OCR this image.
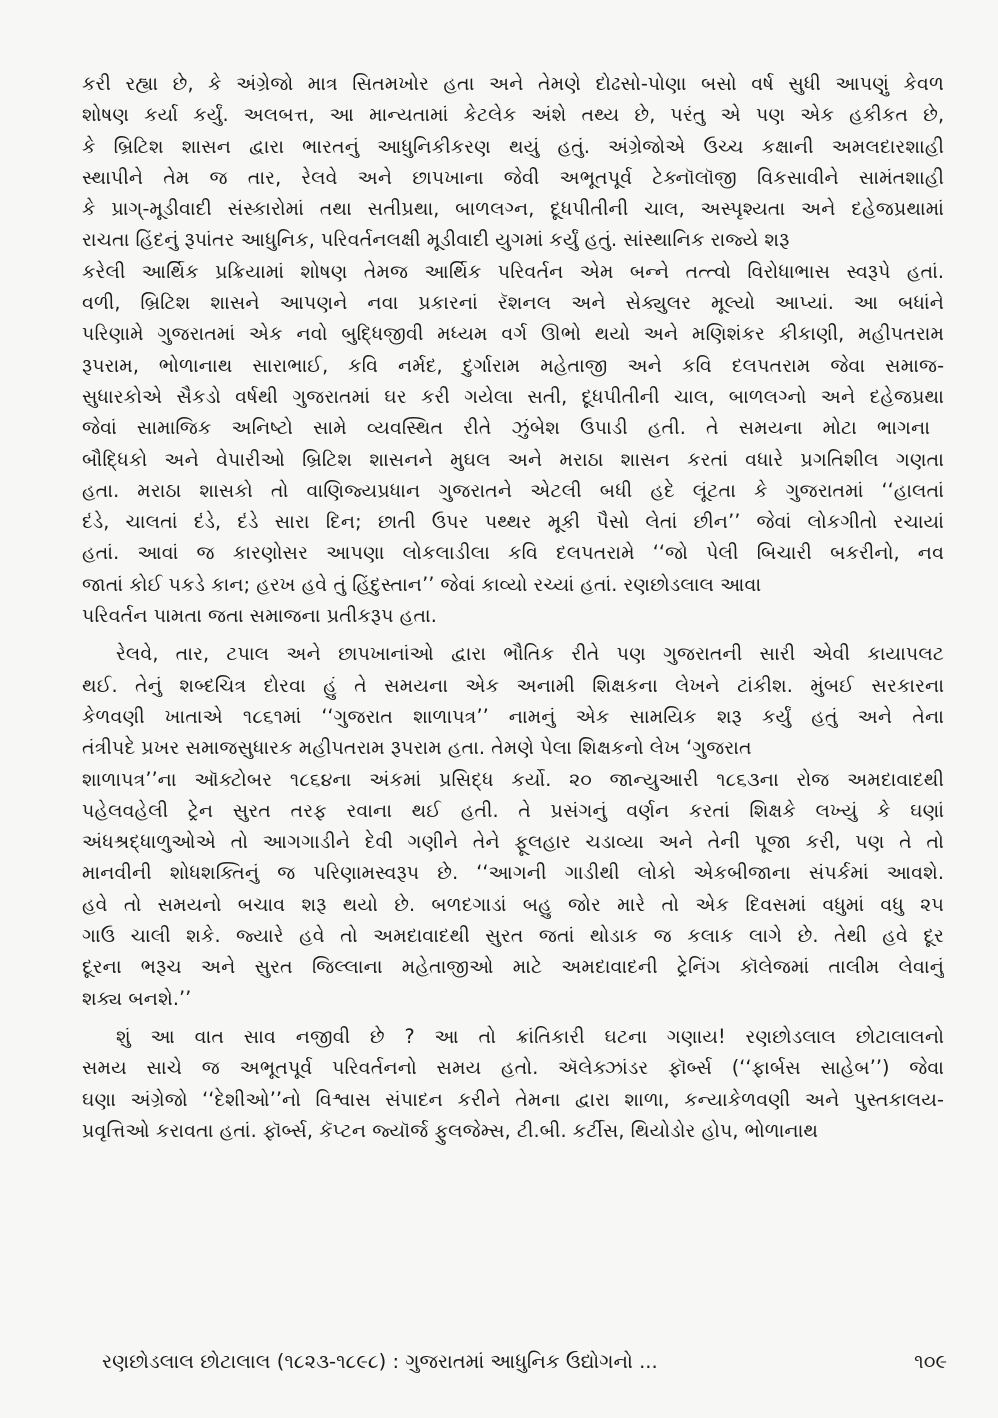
કરી રહ્યા છે, કે અંગ્રેજો માત્ર સિતમખોર હતા અને તેમણે દોઢસો-પોણા બસો વર્ષ સુધી આપણું કેવળ
શોષણ કર્યા કર્યું. અલબત્ત, આ માન્યતામાં કેટલેક અંશે તથ્ય છે, પરંતુ એ પણ એક હકીકત છે,
કે બ્રિટિશ શાસન દ્વારા ભારતનું આધુનિકીકરણ થયું હતું. અંગ્રેજોએ ઉચ્ચ કક્ષાની અમલદારશાહી
સ્થાપીને તેમ જ તાર, રેલવે અને છાપખાના જેવી અભૂતપૂર્વ ટેક્નૉલૉજી વિકસાવીને સામંતશાહી
કે પ્રાગ્-મૂડીવાદી સંસ્કારોમાં તથા સતીપ્રથા, બાળલગ્ન, દૂધપીતીની ચાલ, અસ્પૃશ્યતા અને દહેજપ્રથામાં
રાચતા હિંદનું રૂપાંતર આધુનિક, પરિવર્તનલક્ષી મૂડીવાદી યુગમાં કર્યું હતું. સાંસ્થાનિક રાજ્યે શરૂ
કરેલી આર્થિક પ્રક્રિયામાં શોષણ તેમજ આર્થિક પરિવર્તન એમ બન્ને તત્ત્વો વિરોધાભાસ સ્વરૂપે હતાં.
વળી, બ્રિટિશ શાસને આપણને નવા પ્રકારનાં રૅશનલ અને સેક્યુલર મૂલ્યો આપ્યાં. આ બધાંને
પરિણામે ગુજરાતમાં એક નવો બુદ્ધિજીવી મધ્યમ વર્ગ ઊભો થયો અને મણિશંકર કીકાણી, મહીપતરામ
રૂપરામ, ભોળાનાથ સારાભાઈ, કવિ નર્મદ, દુર્ગારામ મહેતાજી અને કવિ દલપતરામ જેવા સમાજ-
સુધારકોએ સૈકડો વર્ષથી ગુજરાતમાં ઘર કરી ગયેલા સતી, દૂધપીતીની ચાલ, બાળલગ્નો અને દહેજપ્રથા
જેવાં સામાજિક અનિષ્ટો સામે વ્યવસ્થિત રીતે ઝુંબેશ ઉપાડી હતી. તે સમયના મોટા ભાગના
બૌદ્ધિકો અને વેપારીઓ બ્રિટિશ શાસનને મુઘલ અને મરાઠા શાસન કરતાં વધારે પ્રગતિશીલ ગણતા
હતા. મરાઠા શાસકો તો વાણિજ્યપ્રધાન ગુજરાતને એટલી બધી હદે લૂંટતા કે ગુજરાતમાં ‘‘હાલતાં
દંડે, ચાલતાં દંડે, દંડે સારા દિન; છાતી ઉપર પથ્થર મૂકી પૈસો લેતાં છીન’’ જેવાં લોકગીતો રચાયાં
હતાં. આવાં જ કારણોસર આપણા લોકલાડીલા કવિ દલપતરામે ‘‘જો પેલી બિચારી બકરીનો, નવ
જાતાં કોઈ પકડે કાન; હરખ હવે તું હિંદુસ્તાન’’ જેવાં કાવ્યો રચ્યાં હતાં. રણછોડલાલ આવા
પરિવર્તન પામતા જતા સમાજના પ્રતીકરૂપ હતા.
રેલવે, તાર, ટપાલ અને છાપખાનાંઓ દ્વારા ભૌતિક રીતે પણ ગુજરાતની સારી એવી કાયાપલટ
થઈ. તેનું શબ્દચિત્ર દોરવા હું તે સમયના એક અનામી શિક્ષકના લેખને ટાંકીશ. મુંબઈ સરકારના
કેળવણી ખાતાએ ૧૮૬૧માં ‘‘ગુજરાત શાળાપત્ર’’ નામનું એક સામયિક શરૂ કર્યું હતું અને તેના
તંત્રીપદે પ્રખર સમાજસુધારક મહીપતરામ રૂપરામ હતા. તેમણે પેલા શિક્ષકનો લેખ ‘ગુજરાત
શાળાપત્ર’’ના ઑક્ટોબર ૧૮૬૪ના અંકમાં પ્રસિદ્ધ કર્યો. ૨૦ જાન્યુઆરી ૧૮૬૩ના રોજ અમદાવાદથી
પહેલવહેલી ટ્રેન સુરત તરફ રવાના થઈ હતી. તે પ્રસંગનું વર્ણન કરતાં શિક્ષકે લખ્યું કે ઘણાં
અંધશ્રદ્ધાળુઓએ તો આગગાડીને દેવી ગણીને તેને ફૂલહાર ચડાવ્યા અને તેની પૂજા કરી, પણ તે તો
માનવીની શોધશક્તિનું જ પરિણામસ્વરૂપ છે. ‘‘આગની ગાડીથી લોકો એકબીજાના સંપર્કમાં આવશે.
હવે તો સમયનો બચાવ શરૂ થયો છે. બળદગાડાં બહુ જોર મારે તો એક દિવસમાં વધુમાં વધુ ૨૫
ગાઉ ચાલી શકે. જ્યારે હવે તો અમદાવાદથી સુરત જતાં થોડાક જ કલાક લાગે છે. તેથી હવે દૂર
દૂરના ભરૂચ અને સુરત જિલ્લાના મહેતાજીઓ માટે અમદાવાદની ટ્રેનિંગ કૉલેજમાં તાલીમ લેવાનું
શક્ય બનશે.’’
શું આ વાત સાવ નજીવી છે ? આ તો ક્રાંતિકારી ઘટના ગણાય! રણછોડલાલ છોટાલાલનો
સમય સાચે જ અભૂતપૂર્વ પરિવર્તનનો સમય હતો. ઍલેક્ઝાંડર ફૉર્બ્સ (‘‘ફાર્બસ સાહેબ’’) જેવા
ઘણા અંગ્રેજો ‘‘દેશીઓ’’નો વિશ્વાસ સંપાદન કરીને તેમના દ્વારા શાળા, કન્યાકેળવણી અને પુસ્તકાલય-
પ્રવૃત્તિઓ કરાવતા હતાં. ફૉર્બ્સ, કૅપ્ટન જ્યૉર્જ ફુલજેમ્સ, ટી.બી. કર્ટીસ, થિયોડોર હોપ, ભોળાનાથ
રણછોડલાલ છોટાલાલ (૧૮૨૩-૧૮૯૮) : ગુજરાતમાં આધુનિક ઉદ્યોગનો ...	૧૦૯
